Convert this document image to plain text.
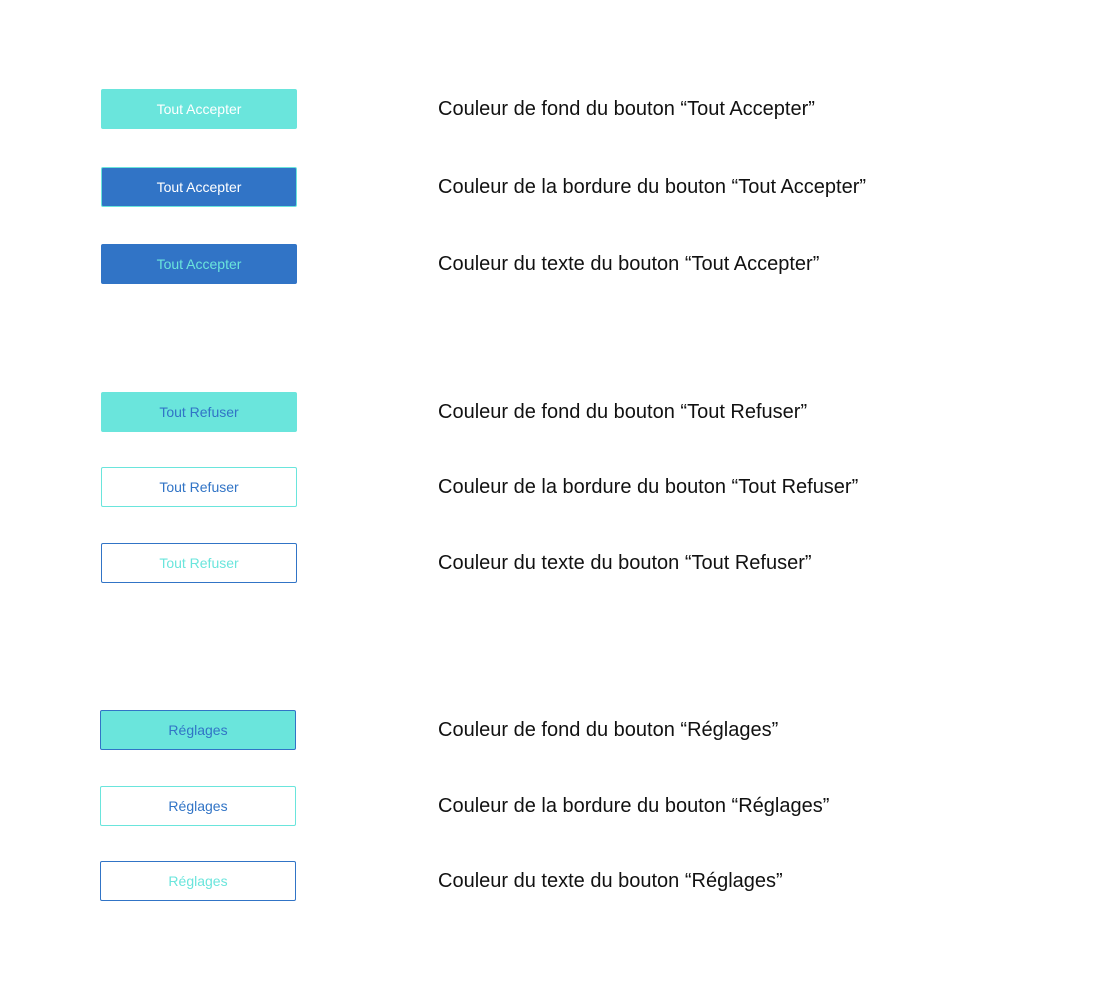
Tout Accepter	Couleur de fond du bouton “Tout Accepter”
Tout Accepter	Couleur de la bordure du bouton “Tout Accepter”
Tout Accepter	Couleur du texte du bouton “Tout Accepter”
Tout Refuser	Couleur de fond du bouton “Tout Refuser”
Tout Refuser	Couleur de la bordure du bouton “Tout Refuser”
Tout Refuser	Couleur du texte du bouton “Tout Refuser”
Réglages	Couleur de fond du bouton “Réglages”
Réglages	Couleur de la bordure du bouton “Réglages”
Réglages	Couleur du texte du bouton “Réglages”
